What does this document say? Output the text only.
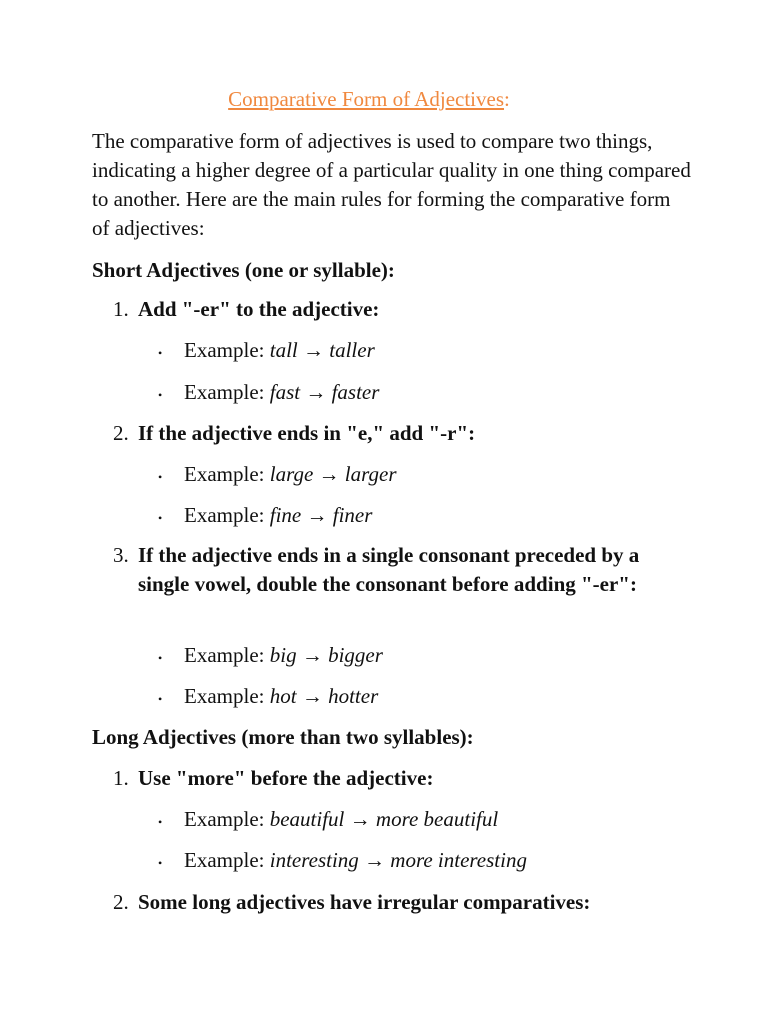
Comparative Form of Adjectives:

The comparative form of adjectives is used to compare two things, indicating a higher degree of a particular quality in one thing compared to another. Here are the main rules for forming the comparative form of adjectives:

Short Adjectives (one or syllable):

1. Add "-er" to the adjective:
•	Example: tall → taller
•	Example: fast → faster
2. If the adjective ends in "e," add "-r":
•	Example: large → larger
•	Example: fine → finer
3. If the adjective ends in a single consonant preceded by a single vowel, double the consonant before adding "-er":
•	Example: big → bigger
•	Example: hot → hotter

Long Adjectives (more than two syllables):

1. Use "more" before the adjective:
•	Example: beautiful → more beautiful
•	Example: interesting → more interesting
2. Some long adjectives have irregular comparatives:
